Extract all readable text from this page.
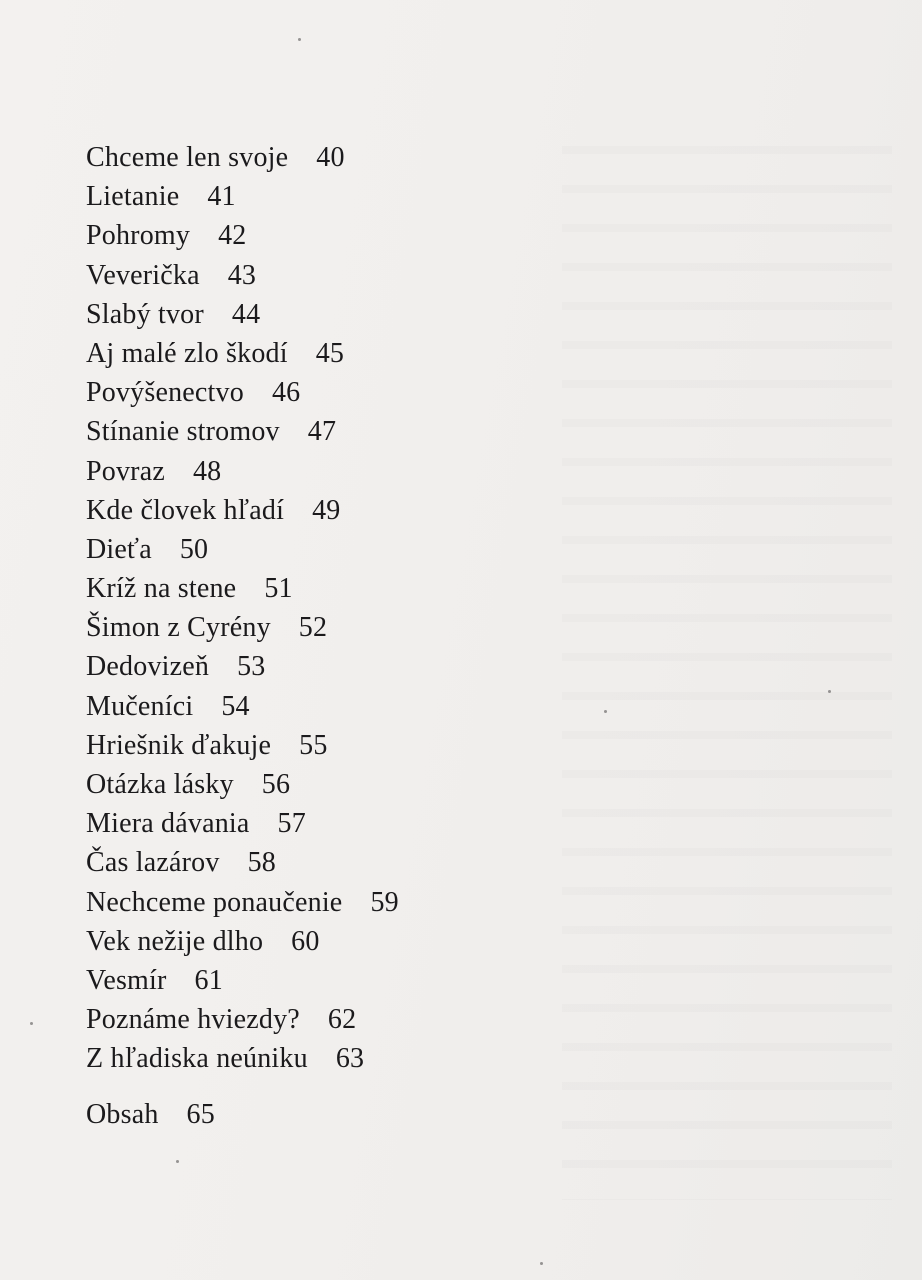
Chceme len svoje 40
Lietanie 41
Pohromy 42
Veverička 43
Slabý tvor 44
Aj malé zlo škodí 45
Povýšenectvo 46
Stínanie stromov 47
Povraz 48
Kde človek hľadí 49
Dieťa 50
Kríž na stene 51
Šimon z Cyrény 52
Dedovizeň 53
Mučeníci 54
Hriešnik ďakuje 55
Otázka lásky 56
Miera dávania 57
Čas lazárov 58
Nechceme ponaučenie 59
Vek nežije dlho 60
Vesmír 61
Poznáme hviezdy? 62
Z hľadiska neúniku 63
Obsah 65
